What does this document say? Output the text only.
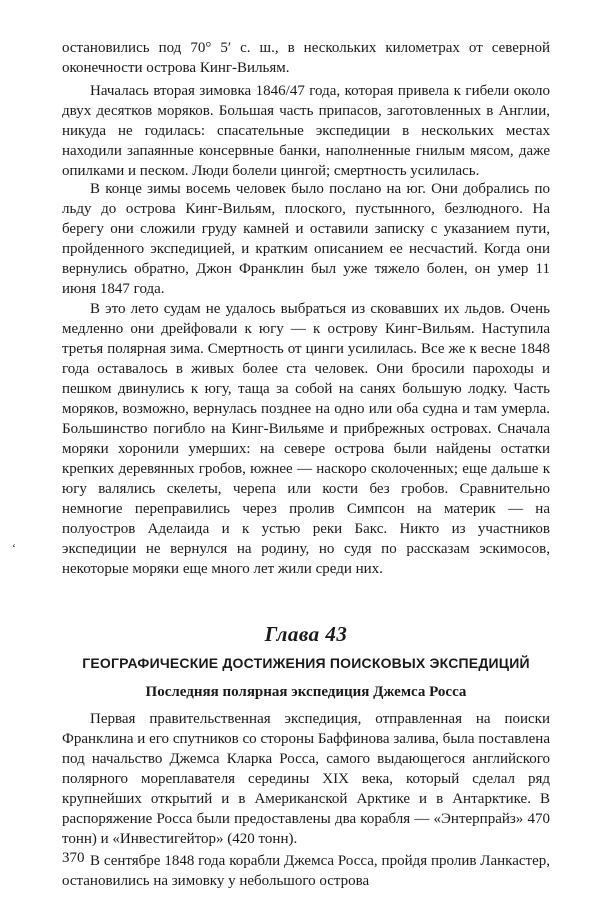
остановились под 70° 5′ с. ш., в нескольких километрах от северной оконечности острова Кинг-Вильям.

Началась вторая зимовка 1846/47 года, которая привела к гибели около двух десятков моряков. Большая часть припасов, заготовленных в Англии, никуда не годилась: спасательные экспедиции в нескольких местах находили запаянные консервные банки, наполненные гнилым мясом, даже опилками и песком. Люди болели цингой; смертность усилилась.

В конце зимы восемь человек было послано на юг. Они добрались по льду до острова Кинг-Вильям, плоского, пустынного, безлюдного. На берегу они сложили груду камней и оставили записку с указанием пути, пройденного экспедицией, и кратким описанием ее несчастий. Когда они вернулись обратно, Джон Франклин был уже тяжело болен, он умер 11 июня 1847 года.

В это лето судам не удалось выбраться из сковавших их льдов. Очень медленно они дрейфовали к югу — к острову Кинг-Вильям. Наступила третья полярная зима. Смертность от цинги усилилась. Все же к весне 1848 года оставалось в живых более ста человек. Они бросили пароходы и пешком двинулись к югу, таща за собой на санях большую лодку. Часть моряков, возможно, вернулась позднее на одно или оба судна и там умерла. Большинство погибло на Кинг-Вильяме и прибрежных островах. Сначала моряки хоронили умерших: на севере острова были найдены остатки крепких деревянных гробов, южнее — наскоро сколоченных; еще дальше к югу валялись скелеты, черепа или кости без гробов. Сравнительно немногие переправились через пролив Симпсон на материк — на полуостров Аделаида и к устью реки Бакс. Никто из участников экспедиции не вернулся на родину, но судя по рассказам эскимосов, некоторые моряки еще много лет жили среди них.

Глава 43
ГЕОГРАФИЧЕСКИЕ ДОСТИЖЕНИЯ ПОИСКОВЫХ ЭКСПЕДИЦИЙ
Последняя полярная экспедиция Джемса Росса

Первая правительственная экспедиция, отправленная на поиски Франклина и его спутников со стороны Баффинова залива, была поставлена под начальство Джемса Кларка Росса, самого выдающегося английского полярного мореплавателя середины XIX века, который сделал ряд крупнейших открытий и в Американской Арктике и в Антарктике. В распоряжение Росса были предоставлены два корабля — «Энтерпрайз» 470 тонн) и «Инвестигейтор» (420 тонн).

В сентябре 1848 года корабли Джемса Росса, пройдя пролив Ланкастер, остановились на зимовку у небольшого острова

ʻ

370
